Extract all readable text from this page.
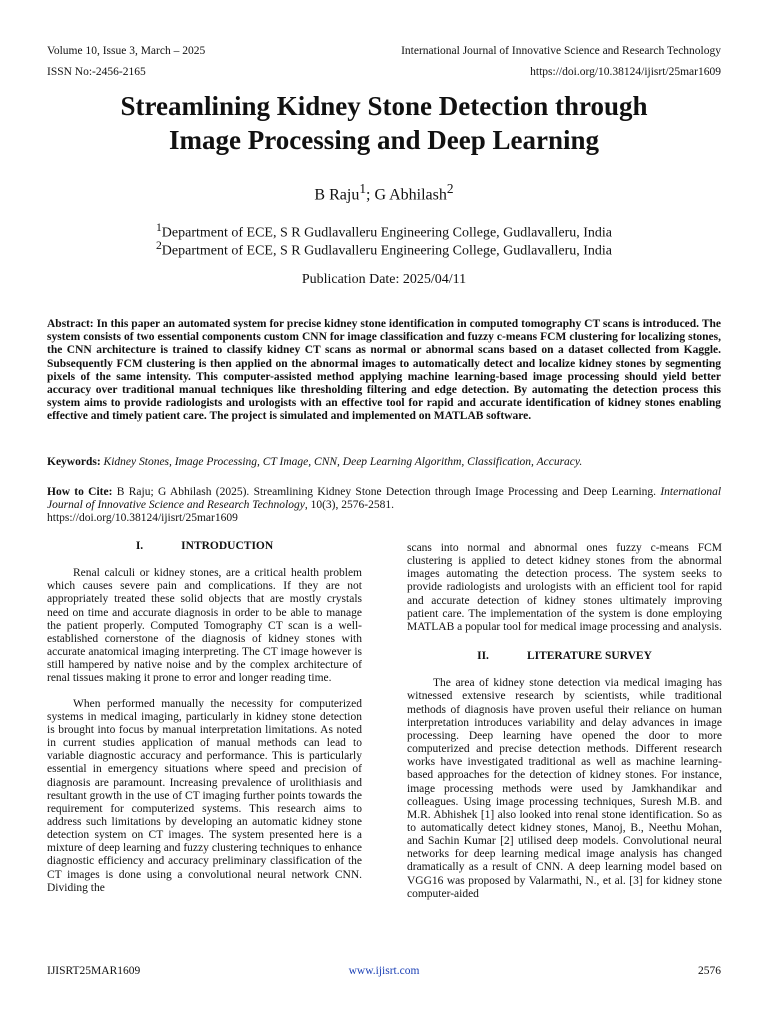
Volume 10, Issue 3, March – 2025	International Journal of Innovative Science and Research Technology
ISSN No:-2456-2165	https://doi.org/10.38124/ijisrt/25mar1609
Streamlining Kidney Stone Detection through
Image Processing and Deep Learning
B Raju$^1$; G Abhilash$^2$
$^1$Department of ECE, S R Gudlavalleru Engineering College, Gudlavalleru, India
$^2$Department of ECE, S R Gudlavalleru Engineering College, Gudlavalleru, India
Publication Date: 2025/04/11
Abstract: In this paper an automated system for precise kidney stone identification in computed tomography CT scans is introduced. The system consists of two essential components custom CNN for image classification and fuzzy c-means FCM clustering for localizing stones, the CNN architecture is trained to classify kidney CT scans as normal or abnormal scans based on a dataset collected from Kaggle. Subsequently FCM clustering is then applied on the abnormal images to automatically detect and localize kidney stones by segmenting pixels of the same intensity. This computer-assisted method applying machine learning-based image processing should yield better accuracy over traditional manual techniques like thresholding filtering and edge detection. By automating the detection process this system aims to provide radiologists and urologists with an effective tool for rapid and accurate identification of kidney stones enabling effective and timely patient care. The project is simulated and implemented on MATLAB software.
Keywords: Kidney Stones, Image Processing, CT Image, CNN, Deep Learning Algorithm, Classification, Accuracy.
How to Cite: B Raju; G Abhilash (2025). Streamlining Kidney Stone Detection through Image Processing and Deep Learning. International Journal of Innovative Science and Research Technology, 10(3), 2576-2581.
https://doi.org/10.38124/ijisrt/25mar1609
I.	INTRODUCTION

Renal calculi or kidney stones, are a critical health problem which causes severe pain and complications. If they are not appropriately treated these solid objects that are mostly crystals need on time and accurate diagnosis in order to be able to manage the patient properly. Computed Tomography CT scan is a well-established cornerstone of the diagnosis of kidney stones with accurate anatomical imaging interpreting. The CT image however is still hampered by native noise and by the complex architecture of renal tissues making it prone to error and longer reading time.

When performed manually the necessity for computerized systems in medical imaging, particularly in kidney stone detection is brought into focus by manual interpretation limitations. As noted in current studies application of manual methods can lead to variable diagnostic accuracy and performance. This is particularly essential in emergency situations where speed and precision of diagnosis are paramount. Increasing prevalence of urolithiasis and resultant growth in the use of CT imaging further points towards the requirement for computerized systems. This research aims to address such limitations by developing an automatic kidney stone detection system on CT images. The system presented here is a mixture of deep learning and fuzzy clustering techniques to enhance diagnostic efficiency and accuracy preliminary classification of the CT images is done using a convolutional neural network CNN. Dividing the

scans into normal and abnormal ones fuzzy c-means FCM clustering is applied to detect kidney stones from the abnormal images automating the detection process. The system seeks to provide radiologists and urologists with an efficient tool for rapid and accurate detection of kidney stones ultimately improving patient care. The implementation of the system is done employing MATLAB a popular tool for medical image processing and analysis.

II.	LITERATURE SURVEY

The area of kidney stone detection via medical imaging has witnessed extensive research by scientists, while traditional methods of diagnosis have proven useful their reliance on human interpretation introduces variability and delay advances in image processing. Deep learning have opened the door to more computerized and precise detection methods. Different research works have investigated traditional as well as machine learning-based approaches for the detection of kidney stones. For instance, image processing methods were used by Jamkhandikar and colleagues. Using image processing techniques, Suresh M.B. and M.R. Abhishek [1] also looked into renal stone identification. So as to automatically detect kidney stones, Manoj, B., Neethu Mohan, and Sachin Kumar [2] utilised deep models. Convolutional neural networks for deep learning medical image analysis has changed dramatically as a result of CNN. A deep learning model based on VGG16 was proposed by Valarmathi, N., et al. [3] for kidney stone computer-aided

IJISRT25MAR1609	www.ijisrt.com	2576
